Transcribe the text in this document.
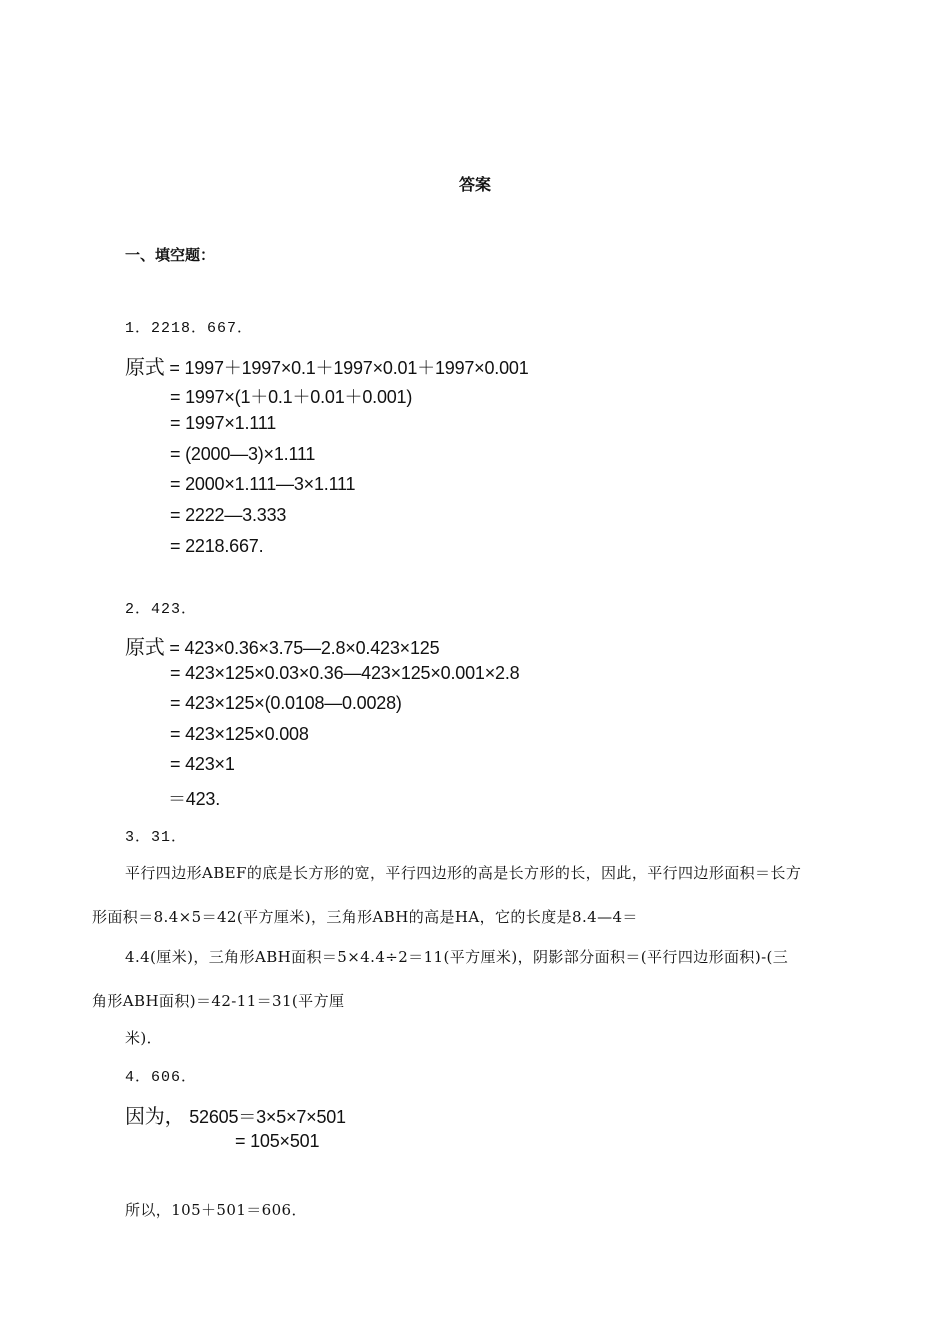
答案
一、填空题：
1．2218．667．
原式 = 1997＋1997×0.1＋1997×0.01＋1997×0.001
= 1997×(1＋0.1＋0.01＋0.001)
= 1997×1.111
= (2000—3)×1.111
= 2000×1.111—3×1.111
= 2222—3.333
= 2218.667.
2．423．
原式 = 423×0.36×3.75—2.8×0.423×125
= 423×125×0.03×0.36—423×125×0.001×2.8
= 423×125×(0.0108—0.0028)
= 423×125×0.008
= 423×1
＝423.
3．31．
平行四边形ABEF的底是长方形的宽，平行四边形的高是长方形的长，因此，平行四边形面积＝长方
形面积＝8.4×5＝42(平方厘米)，三角形ABH的高是HA，它的长度是8.4—4＝
4.4(厘米)，三角形ABH面积＝5×4.4÷2＝11(平方厘米)，阴影部分面积＝(平行四边形面积)-(三
角形ABH面积)＝42-11＝31(平方厘
米)．
4．606．
因为， 52605＝3×5×7×501
= 105×501
所以，105＋501＝606．
